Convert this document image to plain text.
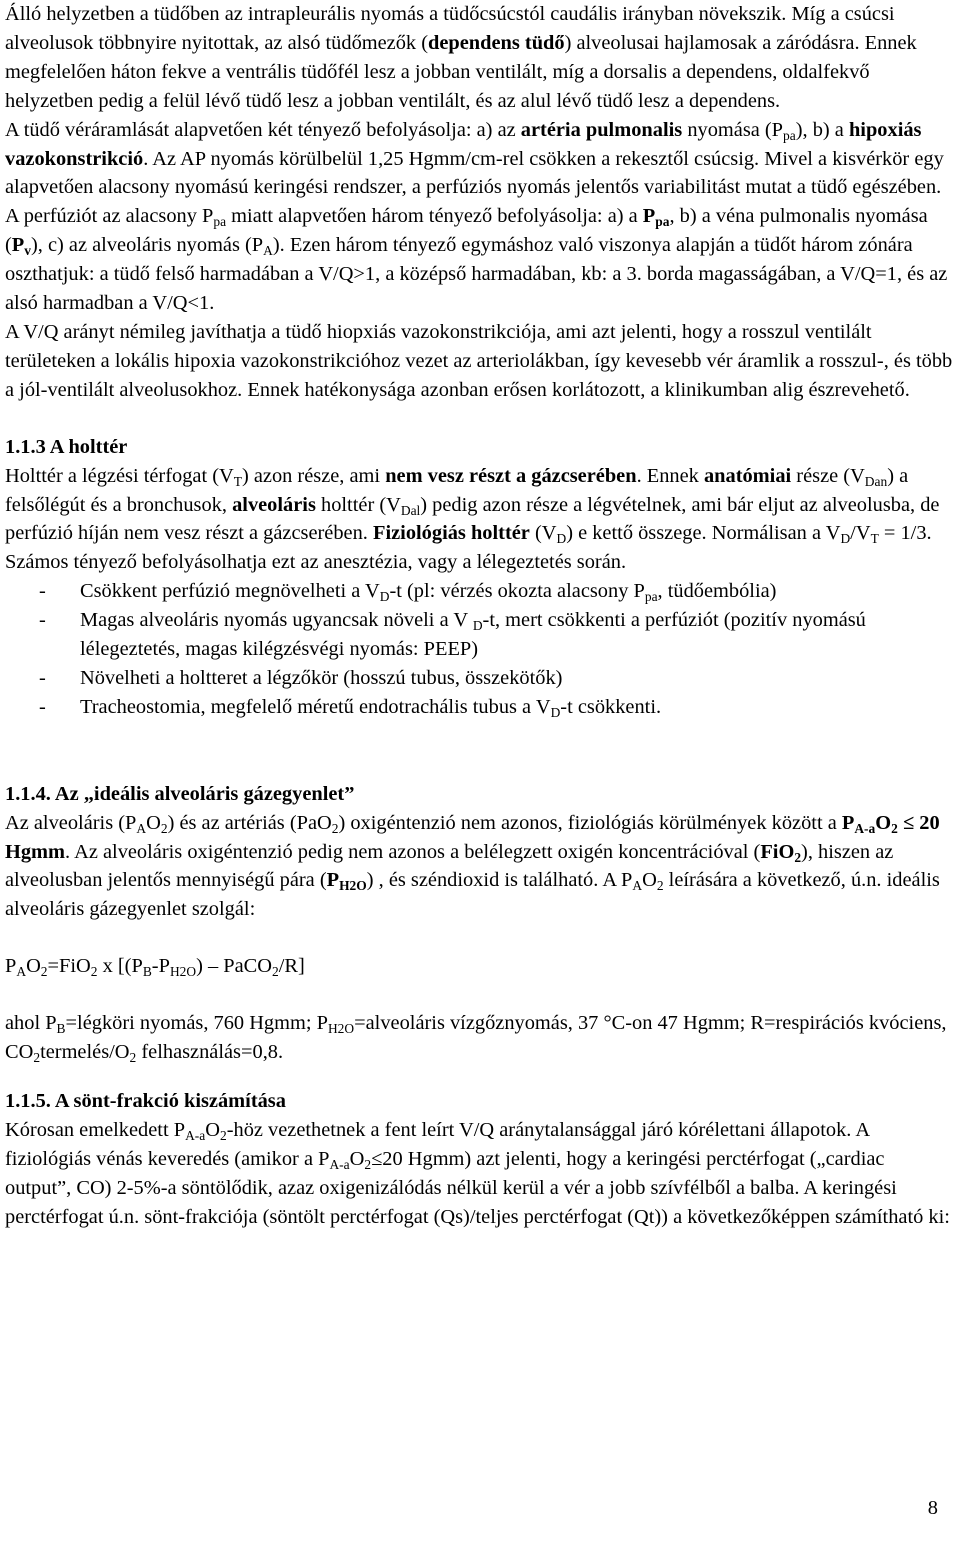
Álló helyzetben a tüdőben az intrapleurális nyomás a tüdőcsúcstól caudális irányban növekszik. Míg a csúcsi alveolusok többnyire nyitottak, az alsó tüdőmezők (dependens tüdő) alveolusai hajlamosak a záródásra. Ennek megfelelően háton fekve a ventrális tüdőfél lesz a jobban ventilált, míg a dorsalis a dependens, oldalfekvő helyzetben pedig a felül lévő tüdő lesz a jobban ventilált, és az alul lévő tüdő lesz a dependens.

A tüdő véráramlását alapvetően két tényező befolyásolja: a) az artéria pulmonalis nyomása $(P_{pa})$, b) a hipoxiás vazokonstrikció. Az AP nyomás körülbelül 1,25 Hgmm/cm-rel csökken a rekesztől csúcsig. Mivel a kisvérkör egy alapvetően alacsony nyomású keringési rendszer, a perfúziós nyomás jelentős variabilitást mutat a tüdő egészében. A perfúziót az alacsony $P_{pa}$ miatt alapvetően három tényező befolyásolja: a) a $P_{pa}$, b) a véna pulmonalis nyomása $(P_v)$, c) az alveoláris nyomás $(P_A)$. Ezen három tényező egymáshoz való viszonya alapján a tüdőt három zónára oszthatjuk: a tüdő felső harmadában a V/Q>1, a középső harmadában, kb: a 3. borda magasságában, a V/Q=1, és az alsó harmadban a V/Q<1.

A V/Q arányt némileg javíthatja a tüdő hiopxiás vazokonstrikciója, ami azt jelenti, hogy a rosszul ventilált területeken a lokális hipoxia vazokonstrikcióhoz vezet az arteriolákban, így kevesebb vér áramlik a rosszul-, és több a jól-ventilált alveolusokhoz. Ennek hatékonysága azonban erősen korlátozott, a klinikumban alig észrevehető.

1.1.3 A holttér

Holttér a légzési térfogat $(V_T)$ azon része, ami nem vesz részt a gázcserében. Ennek anatómiai része $(V_{Dan})$ a felsőlégút és a bronchusok, alveoláris holttér $(V_{Dal})$ pedig azon része a légvételnek, ami bár eljut az alveolusba, de perfúzió híján nem vesz részt a gázcserében. Fiziológiás holttér $(V_D)$ e kettő összege. Normálisan a $V_D/V_T = 1/3$. Számos tényező befolyásolhatja ezt az anesztézia, vagy a lélegeztetés során.

- Csökkent perfúzió megnövelheti a $V_D-t$ (pl: vérzés okozta alacsony $P_{pa}$, tüdőembólia)
- Magas alveoláris nyomás ugyancsak növeli a V $_D$-t, mert csökkenti a perfúziót (pozitív nyomású lélegeztetés, magas kilégzésvégi nyomás: PEEP)
- Növelheti a holtteret a légzőkör (hosszú tubus, összekötők)
- Tracheostomia, megfelelő méretű endotrachális tubus a $V_D-t$ csökkenti.

1.1.4. Az „ideális alveoláris gázegyenlet”

Az alveoláris $(P_AO_2)$ és az artériás (PaO$_2$) oxigéntenzió nem azonos, fiziológiás körülmények között a $P_{A-a}O_2 \le 20$ Hgmm. Az alveoláris oxigéntenzió pedig nem azonos a belélegzett oxigén koncentrációval (FiO$_2$), hiszen az alveolusban jelentős mennyiségű pára $(P_{H2O})$ , és széndioxid is található. A $P_AO_2$ leírására a következő, ú.n. ideális alveoláris gázegyenlet szolgál:

$P_AO_2=FiO_2$ x [$(P_B-P_{H2O})$ – PaCO$_2$/R]

ahol $P_B=légköri$ nyomás, 760 Hgmm; $P_{H2O}=alveoláris$ vízgőznyomás, 37 °C-on 47 Hgmm; R=respirációs kvóciens, $CO_2termelés/O_2$ felhasználás=0,8.

1.1.5. A sönt-frakció kiszámítása

Kórosan emelkedett $P_{A-a}O_2$-höz vezethetnek a fent leírt V/Q aránytalansággal járó kórélettani állapotok. A fiziológiás vénás keveredés (amikor a $P_{A-a}O_2\le 20$ Hgmm) azt jelenti, hogy a keringési perctérfogat („cardiac output”, CO) 2-5%-a söntölődik, azaz oxigenizálódás nélkül kerül a vér a jobb szívfélből a balba. A keringési perctérfogat ú.n. sönt-frakciója (söntölt perctérfogat (Qs)/teljes perctérfogat (Qt)) a következőképpen számítható ki:

8
